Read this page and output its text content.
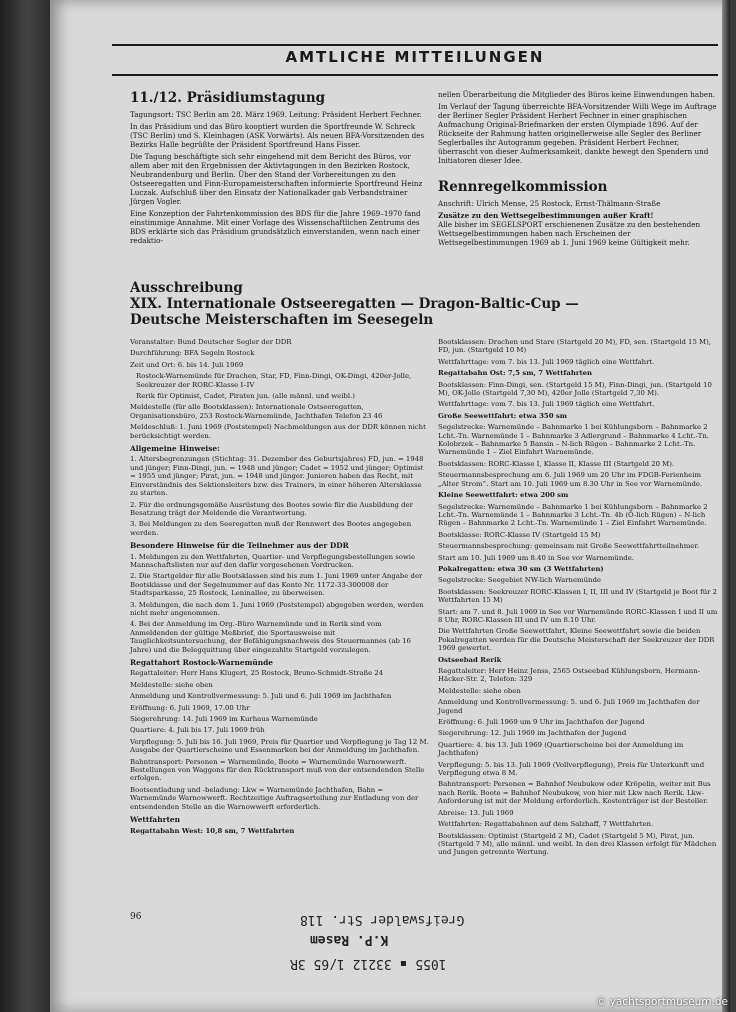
AMTLICHE MITTEILUNGEN
11./12. Präsidiumstagung

Tagungsort: TSC Berlin am 28. März 1969. Leitung: Präsident Herbert Fechner.

In das Präsidium und das Büro kooptiert wurden die Sportfreunde W. Schreck (TSC Berlin) und S. Kleinhagen (ASK Vorwärts). Als neuen BFA-Vorsitzenden des Bezirks Halle begrüßte der Präsident Sportfreund Hans Fisser.

Die Tagung beschäftigte sich sehr eingehend mit dem Bericht des Büros, vor allem aber mit den Ergebnissen der Aktivtagungen in den Bezirken Rostock, Neubrandenburg und Berlin. Über den Stand der Vorbereitungen zu den Ostseeregatten und Finn-Europameisterschaften informierte Sportfreund Heinz Luczak. Aufschluß über den Einsatz der Nationalkader gab Verbandstrainer Jürgen Vogler.

Eine Konzeption der Fahrtenkommission des BDS für die Jahre 1969–1970 fand einstimmige Annahme. Mit einer Vorlage des Wissenschaftlichen Zentrums des BDS erklärte sich das Präsidium grundsätzlich einverstanden, wenn nach einer redaktio-

nellen Überarbeitung die Mitglieder des Büros keine Einwendungen haben.

Im Verlauf der Tagung überreichte BFA-Vorsitzender Willi Wege im Auftrage der Berliner Segler Präsident Herbert Fechner in einer graphischen Aufmachung Original-Briefmarken der ersten Olympiade 1896. Auf der Rückseite der Rahmung hatten originellerweise alle Segler des Berliner Seglerballes ihr Autogramm gegeben. Präsident Herbert Fechner, überrascht von dieser Aufmerksamkeit, dankte bewegt den Spendern und Initiatoren dieser Idee.

Rennregelkommission

Anschrift: Ulrich Mense, 25 Rostock, Ernst-Thälmann-Straße

Zusätze zu den Wettsegelbestimmungen außer Kraft!

Alle bisher im SEGELSPORT erschienenen Zusätze zu den bestehenden Wettsegelbestimmungen haben nach Erscheinen der Wettsegelbestimmungen 1969 ab 1. Juni 1969 keine Gültigkeit mehr.

Ausschreibung
XIX. Internationale Ostseeregatten — Dragon-Baltic-Cup —
Deutsche Meisterschaften im Seesegeln

Veranstalter: Bund Deutscher Segler der DDR

Durchführung: BFA Segeln Rostock

Zeit und Ort: 6. bis 14. Juli 1969

Rostock-Warnemünde für Drachen, Star, FD, Finn-Dingi, OK-Dingi, 420er-Jolle, Seekreuzer der RORC-Klasse I–IV

Rerik für Optimist, Cadet, Piraten jun. (alle männl. und weibl.)

Meldestelle (für alle Bootsklassen): Internationale Ostseeregatten, Organisationsbüro, 253 Rostock-Warnemünde, Jachthafen Telefon 23 46

Meldeschluß: 1. Juni 1969 (Poststempel) Nachmeldungen aus der DDR können nicht berücksichtigt werden.

Allgemeine Hinweise:

1. Altersbegrenzungen (Stichtag: 31. Dezember des Geburtsjahres) FD, jun. = 1948 und jünger; Finn-Dingi, jun. = 1948 und jünger; Cadet = 1952 und jünger; Optimist = 1955 und jünger; Pirat, jun. = 1948 und jünger. Junioren haben das Recht, mit Einverständnis des Sektionsleiters bzw. des Trainers, in einer höheren Altersklasse zu starten.

2. Für die ordnungsgemäße Ausrüstung des Bootes sowie für die Ausbildung der Besatzung trägt der Meldende die Verantwortung.

3. Bei Meldungen zu den Seeregatten muß der Rennwert des Bootes angegeben werden.

Besondere Hinweise für die Teilnehmer aus der DDR

1. Meldungen zu den Wettfahrten, Quartier- und Verpflegungsbestellungen sowie Mannschaftslisten nur auf den dafür vorgesehenen Vordrucken.

2. Die Startgelder für alle Bootsklassen sind bis zum 1. Juni 1969 unter Angabe der Bootsklasse und der Segelnummer auf das Konto Nr. 1172-33-300008 der Stadtsparkasse, 25 Rostock, Leninallee, zu überweisen.

3. Meldungen, die nach dem 1. Juni 1969 (Poststempel) abgegeben werden, werden nicht mehr angenommen.

4. Bei der Anmeldung im Org.-Büro Warnemünde und in Rerik sind vom Anmeldenden der gültige Meßbrief, die Sportausweise mit Tauglichkeitsuntersuchung, der Befähigungsnachweis des Steuermannes (ab 16 Jahre) und die Belegquittung über eingezahlte Startgeld vorzulegen.

Regattahort Rostock-Warnemünde

Regattaleiter: Herr Hans Klugert, 25 Rostock, Bruno-Schmidt-Straße 24

Meldestelle: siehe oben

Anmeldung und Kontrollvermessung: 5. Juli und 6. Juli 1969 im Jachthafen

Eröffnung: 6. Juli 1969, 17.00 Uhr

Siegerehrung: 14. Juli 1969 im Kurhaus Warnemünde

Quartiere: 4. Juli bis 17. Juli 1969 früh

Verpflegung: 5. Juli bis 16. Juli 1969, Preis für Quartier und Verpflegung je Tag 12 M. Ausgabe der Quartierscheine und Essenmarken bei der Anmeldung im Jachthafen.

Bahntransport: Personen = Warnemünde, Boote = Warnemünde Warnowwerft. Bestellungen von Waggons für den Rücktransport muß von der entsendenden Stelle erfolgen.

Bootsentladung und -beladung: Lkw = Warnemünde Jachthafen, Bahn = Warnemünde Warnowwerft. Rechtzeitige Auftragserteilung zur Entladung von der entsendenden Stelle an die Warnowwerft erforderlich.

Wettfahrten

Regattabahn West: 10,8 sm, 7 Wettfahrten

Bootsklassen: Drachen und Stare (Startgeld 20 M), FD, sen. (Startgeld 15 M), FD, jun. (Startgeld 10 M)

Wettfahrttage: vom 7. bis 13. Juli 1969 täglich eine Wettfahrt.

Regattabahn Ost: 7,5 sm, 7 Wettfahrten

Bootsklassen: Finn-Dingi, sen. (Startgeld 15 M), Finn-Dingi, jun. (Startgeld 10 M), OK-Jolle (Startgeld 7,30 M), 420er Jolle (Startgeld 7,30 M).

Wettfahrttage: vom 7. bis 13. Juli 1969 täglich eine Wettfahrt.

Große Seewettfahrt: etwa 350 sm

Segelstrecke: Warnemünde – Bahnmarke 1 bei Kühlungsborn – Bahnmarke 2 Lcht.-Tn. Warnemünde 1 – Bahnmarke 3 Adlergrund – Bahnmarke 4 Lcht.-Tn. Kolobrzek – Bahnmarke 5 Bansin – N-lich Rügen – Bahnmarke 2 Lcht.-Tn. Warnemünde 1 – Ziel Einfahrt Warnemünde.

Bootsklassen: RORC-Klasse I, Klasse II, Klasse III (Startgeld 20 M).

Steuermannsbesprechung am 6. Juli 1969 um 20 Uhr im FDGB-Ferienheim „Alter Strom“. Start am 10. Juli 1969 um 8.30 Uhr in See vor Warnemünde.

Kleine Seewettfahrt: etwa 200 sm

Segelstrecke: Warnemünde – Bahnmarke 1 bei Kühlungsborn – Bahnmarke 2 Lcht.-Tn. Warnemünde 1 – Bahnmarke 3 Lcht.-Tn. 4b (Ö-lich Rügen) – N-lich Rügen – Bahnmarke 2 Lcht.-Tn. Warnemünde 1 – Ziel Einfahrt Warnemünde.

Bootsklasse: RORC-Klasse IV (Startgeld 15 M)

Steuermannsbesprechung: gemeinsam mit Große Seewettfahrtteilnehmer.

Start am 10. Juli 1969 um 8.40 in See vor Warnemünde.

Pokalregatten: etwa 30 sm (3 Wettfahrten)

Segelstrecke: Seegebiet NW-lich Warnemünde

Bootsklassen: Seekreuzer RORC-Klassen I, II, III und IV (Startgeld je Boot für 2 Wettfahrten 15 M)

Start: am 7. und 8. Juli 1969 in See vor Warnemünde RORC-Klassen I und II um 8 Uhr, RORC-Klassen III und IV um 8.10 Uhr.

Die Wettfahrten Große Seewettfahrt, Kleine Seewettfahrt sowie die beiden Pokalregatten werden für die Deutsche Meisterschaft der Seekreuzer der DDR 1969 gewertet.

Ostseebad Rerik

Regattaleiter: Herr Heinz Jenss, 2565 Ostseebad Kühlungsborn, Hermann-Häcker-Str. 2, Telefon: 329

Meldestelle: siehe oben

Anmeldung und Kontrollvermessung: 5. und 6. Juli 1969 im Jachthafen der Jugend

Eröffnung: 6. Juli 1969 um 9 Uhr im Jachthafen der Jugend

Siegerehrung: 12. Juli 1969 im Jachthafen der Jugend

Quartiere: 4. bis 13. Juli 1969 (Quartierscheine bei der Anmeldung im Jachthafen)

Verpflegung: 5. bis 13. Juli 1969 (Vollverpflegung), Preis für Unterkunft und Verpflegung etwa 8 M.

Bahntransport: Personen = Bahnhof Neubukow oder Kröpelin, weiter mit Bus nach Rerik. Boote = Bahnhof Neubukow, von hier mit Lkw nach Rerik. Lkw-Anforderung ist mit der Meldung erforderlich. Kostenträger ist der Besteller.

Abreise: 13. Juli 1969

Wettfahrten: Regattabahnen auf dem Salzhaff, 7 Wettfahrten.

Bootsklassen: Optimist (Startgeld 2 M), Cadet (Startgeld 5 M), Pirat, jun. (Startgeld 7 M), alle männl. und weibl. In den drei Klassen erfolgt für Mädchen und Jungen getrennte Wertung.

96	Greifswalder Str. 118
K.P. Rasem
1055 ▪ 33212 1/65 3R
© yachtsportmuseum.de
